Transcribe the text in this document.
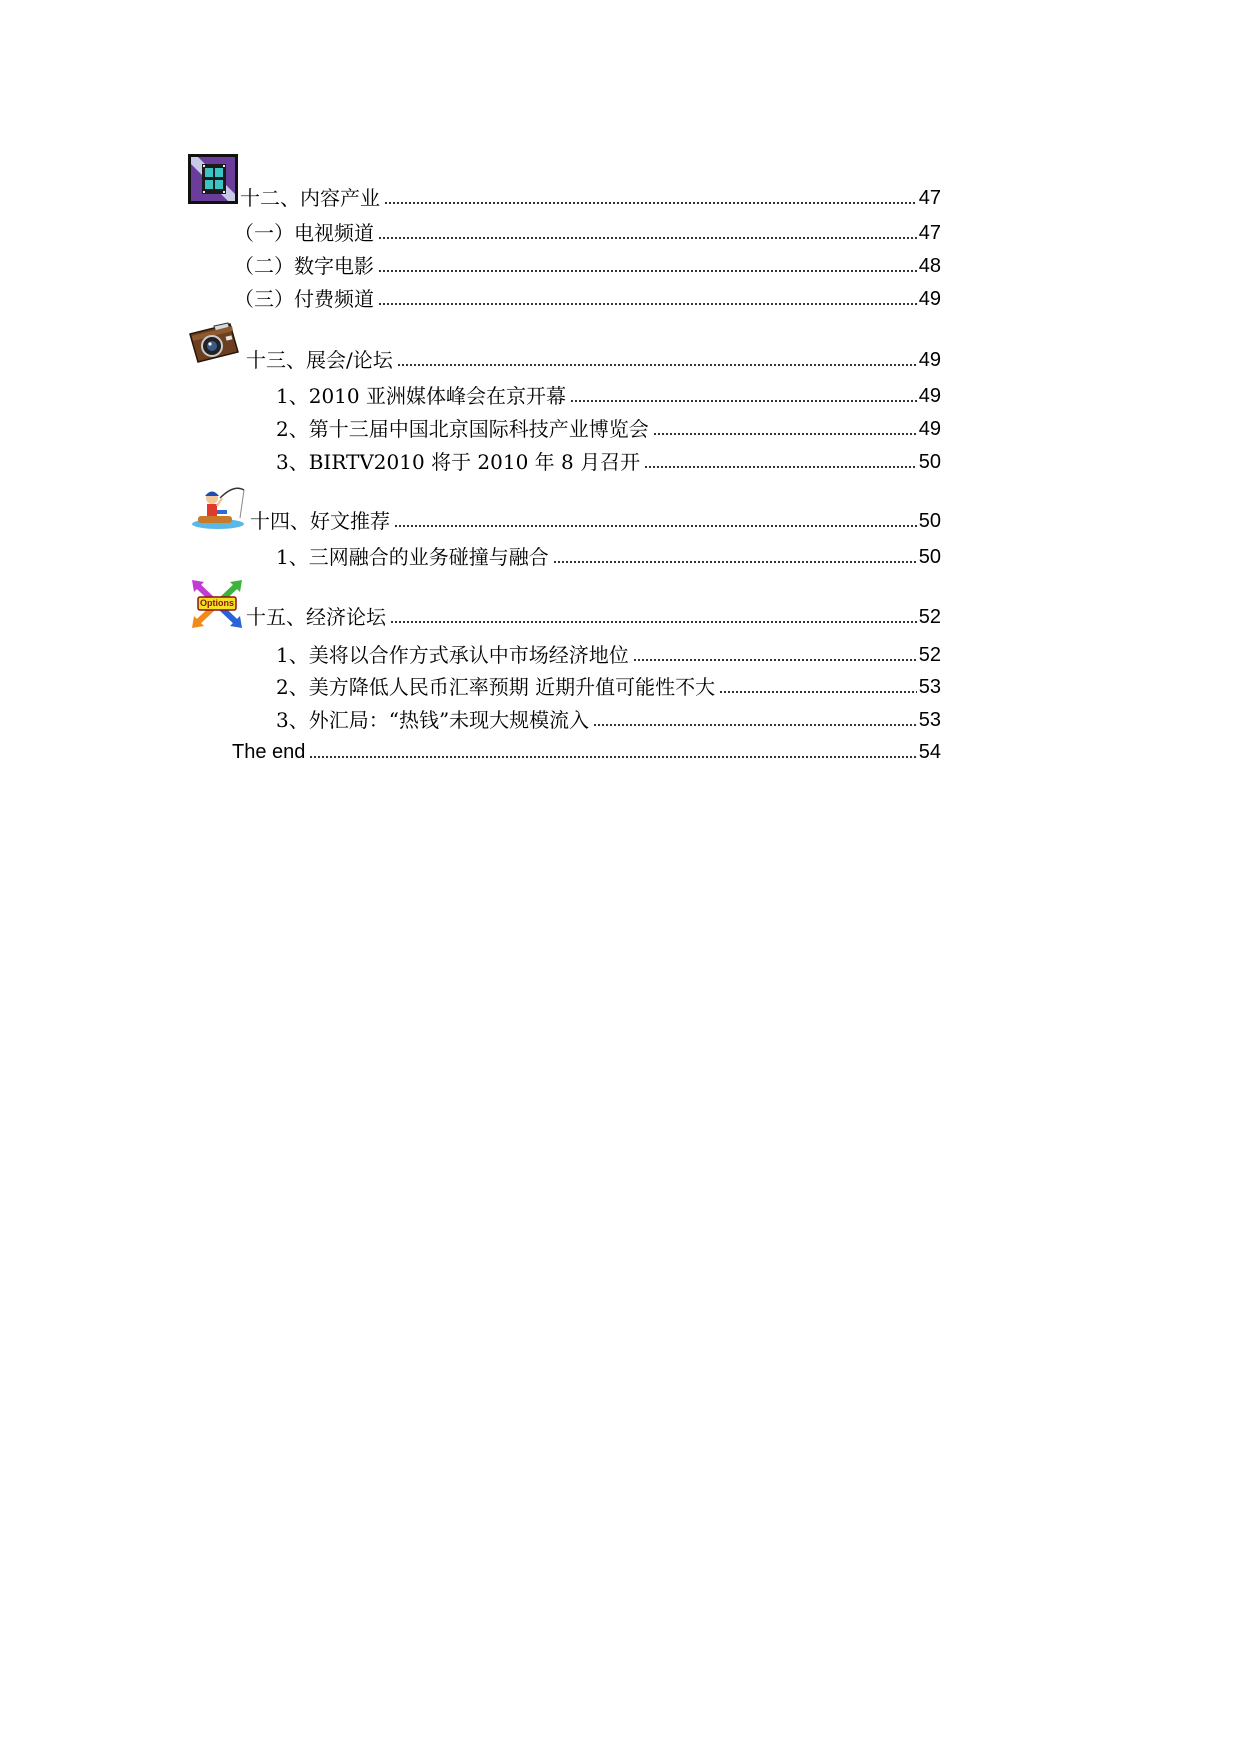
十二、内容产业	47
（一）电视频道	47
（二）数字电影	48
（三）付费频道	49
十三、展会/论坛	49
1、2010 亚洲媒体峰会在京开幕	49
2、第十三届中国北京国际科技产业博览会	49
3、BIRTV2010 将于 2010 年 8 月召开	50
十四、好文推荐	50
1、三网融合的业务碰撞与融合	50
Options
十五、经济论坛	52
1、美将以合作方式承认中市场经济地位	52
2、美方降低人民币汇率预期 近期升值可能性不大	53
3、外汇局：“热钱”未现大规模流入	53
The end	54
